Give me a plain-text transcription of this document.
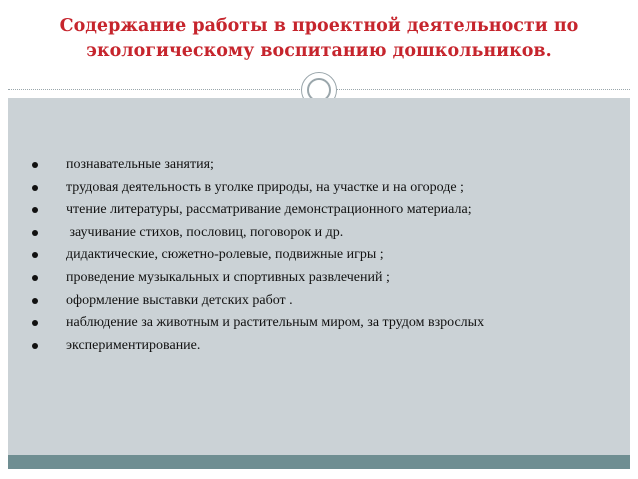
Содержание работы в проектной деятельности по
экологическому воспитанию дошкольников.
познавательные занятия;
трудовая деятельность в уголке природы, на участке и на огороде ;
чтение литературы, рассматривание демонстрационного материала;
заучивание стихов, пословиц, поговорок и др.
дидактические, сюжетно-ролевые, подвижные игры ;
проведение музыкальных и спортивных развлечений ;
оформление выставки детских работ .
наблюдение за животным и растительным миром, за трудом взрослых
экспериментирование.
